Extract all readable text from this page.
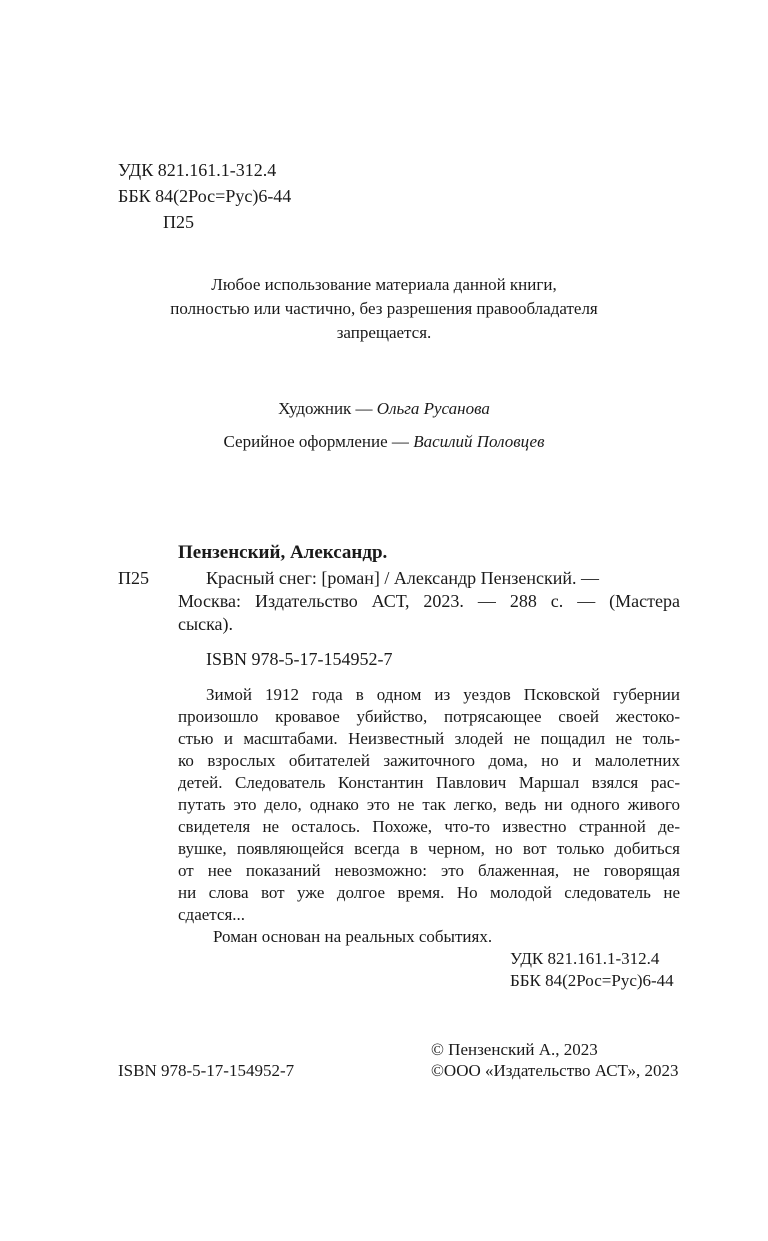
УДК 821.161.1-312.4
ББК 84(2Рос=Рус)6-44
П25
Любое использование материала данной книги,
полностью или частично, без разрешения правообладателя
запрещается.
Художник — Ольга Русанова
Серийное оформление — Василий Половцев
Пензенский, Александр.
П25	Красный снег: [роман] / Александр Пензенский. —
Москва: Издательство АСТ, 2023. — 288 с. — (Мастера
сыска).
ISBN 978-5-17-154952-7
Зимой 1912 года в одном из уездов Псковской губернии
произошло кровавое убийство, потрясающее своей жестоко-
стью и масштабами. Неизвестный злодей не пощадил не толь-
ко взрослых обитателей зажиточного дома, но и малолетних
детей. Следователь Константин Павлович Маршал взялся рас-
путать это дело, однако это не так легко, ведь ни одного живого
свидетеля не осталось. Похоже, что-то известно странной де-
вушке, появляющейся всегда в черном, но вот только добиться
от нее показаний невозможно: это блаженная, не говорящая
ни слова вот уже долгое время. Но молодой следователь не
сдается...
Роман основан на реальных событиях.
УДК 821.161.1-312.4
ББК 84(2Рос=Рус)6-44
© Пензенский А., 2023
ISBN 978-5-17-154952-7	©ООО «Издательство АСТ», 2023
